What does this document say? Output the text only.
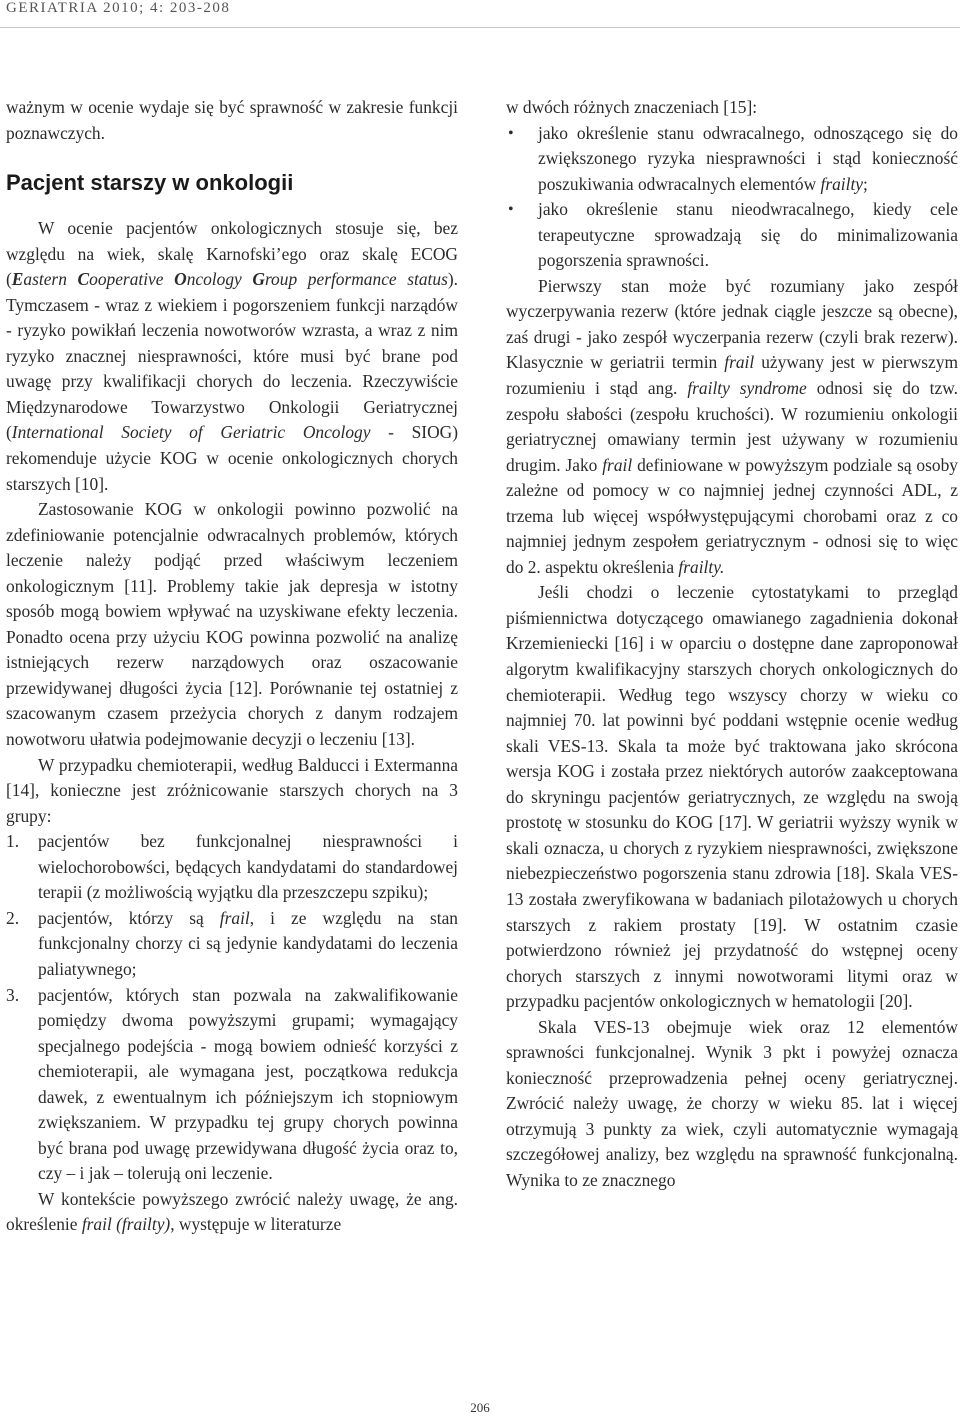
GERIATRIA 2010; 4: 203-208

ważnym w ocenie wydaje się być sprawność w zakresie funkcji poznawczych.

Pacjent starszy w onkologii

W ocenie pacjentów onkologicznych stosuje się, bez względu na wiek, skalę Karnofski’ego oraz skalę ECOG (Eastern Cooperative Oncology Group performance status). Tymczasem - wraz z wiekiem i pogorszeniem funkcji narządów - ryzyko powikłań leczenia nowotworów wzrasta, a wraz z nim ryzyko znacznej niesprawności, które musi być brane pod uwagę przy kwalifikacji chorych do leczenia. Rzeczywiście Międzynarodowe Towarzystwo Onkologii Geriatrycznej (International Society of Geriatric Oncology - SIOG) rekomenduje użycie KOG w ocenie onkologicznych chorych starszych [10].

Zastosowanie KOG w onkologii powinno pozwolić na zdefiniowanie potencjalnie odwracalnych problemów, których leczenie należy podjąć przed właściwym leczeniem onkologicznym [11]. Problemy takie jak depresja w istotny sposób mogą bowiem wpływać na uzyskiwane efekty leczenia. Ponadto ocena przy użyciu KOG powinna pozwolić na analizę istniejących rezerw narządowych oraz oszacowanie przewidywanej długości życia [12]. Porównanie tej ostatniej z szacowanym czasem przeżycia chorych z danym rodzajem nowotworu ułatwia podejmowanie decyzji o leczeniu [13].

W przypadku chemioterapii, według Balducci i Extermanna [14], konieczne jest zróżnicowanie starszych chorych na 3 grupy:

1. pacjentów bez funkcjonalnej niesprawności i wielochorobowści, będących kandydatami do standardowej terapii (z możliwością wyjątku dla przeszczepu szpiku);
2. pacjentów, którzy są frail, i ze względu na stan funkcjonalny chorzy ci są jedynie kandydatami do leczenia paliatywnego;
3. pacjentów, których stan pozwala na zakwalifikowanie pomiędzy dwoma powyższymi grupami; wymagający specjalnego podejścia - mogą bowiem odnieść korzyści z chemioterapii, ale wymagana jest, początkowa redukcja dawek, z ewentualnym ich późniejszym ich stopniowym zwiększaniem. W przypadku tej grupy chorych powinna być brana pod uwagę przewidywana długość życia oraz to, czy – i jak – tolerują oni leczenie.

W kontekście powyższego zwrócić należy uwagę, że ang. określenie frail (frailty), występuje w literaturze

w dwóch różnych znaczeniach [15]:

• jako określenie stanu odwracalnego, odnoszącego się do zwiększonego ryzyka niesprawności i stąd konieczność poszukiwania odwracalnych elementów frailty;
• jako określenie stanu nieodwracalnego, kiedy cele terapeutyczne sprowadzają się do minimalizowania pogorszenia sprawności.

Pierwszy stan może być rozumiany jako zespół wyczerpywania rezerw (które jednak ciągle jeszcze są obecne), zaś drugi - jako zespół wyczerpania rezerw (czyli brak rezerw). Klasycznie w geriatrii termin frail używany jest w pierwszym rozumieniu i stąd ang. frailty syndrome odnosi się do tzw. zespołu słabości (zespołu kruchości). W rozumieniu onkologii geriatrycznej omawiany termin jest używany w rozumieniu drugim. Jako frail definiowane w powyższym podziale są osoby zależne od pomocy w co najmniej jednej czynności ADL, z trzema lub więcej współwystępującymi chorobami oraz z co najmniej jednym zespołem geriatrycznym - odnosi się to więc do 2. aspektu określenia frailty.

Jeśli chodzi o leczenie cytostatykami to przegląd piśmiennictwa dotyczącego omawianego zagadnienia dokonał Krzemieniecki [16] i w oparciu o dostępne dane zaproponował algorytm kwalifikacyjny starszych chorych onkologicznych do chemioterapii. Według tego wszyscy chorzy w wieku co najmniej 70. lat powinni być poddani wstępnie ocenie według skali VES-13. Skala ta może być traktowana jako skrócona wersja KOG i została przez niektórych autorów zaakceptowana do skryningu pacjentów geriatrycznych, ze względu na swoją prostotę w stosunku do KOG [17]. W geriatrii wyższy wynik w skali oznacza, u chorych z ryzykiem niesprawności, zwiększone niebezpieczeństwo pogorszenia stanu zdrowia [18]. Skala VES-13 została zweryfikowana w badaniach pilotażowych u chorych starszych z rakiem prostaty [19]. W ostatnim czasie potwierdzono również jej przydatność do wstępnej oceny chorych starszych z innymi nowotworami litymi oraz w przypadku pacjentów onkologicznych w hematologii [20].

Skala VES-13 obejmuje wiek oraz 12 elementów sprawności funkcjonalnej. Wynik 3 pkt i powyżej oznacza konieczność przeprowadzenia pełnej oceny geriatrycznej. Zwrócić należy uwagę, że chorzy w wieku 85. lat i więcej otrzymują 3 punkty za wiek, czyli automatycznie wymagają szczegółowej analizy, bez względu na sprawność funkcjonalną. Wynika to ze znacznego

206
